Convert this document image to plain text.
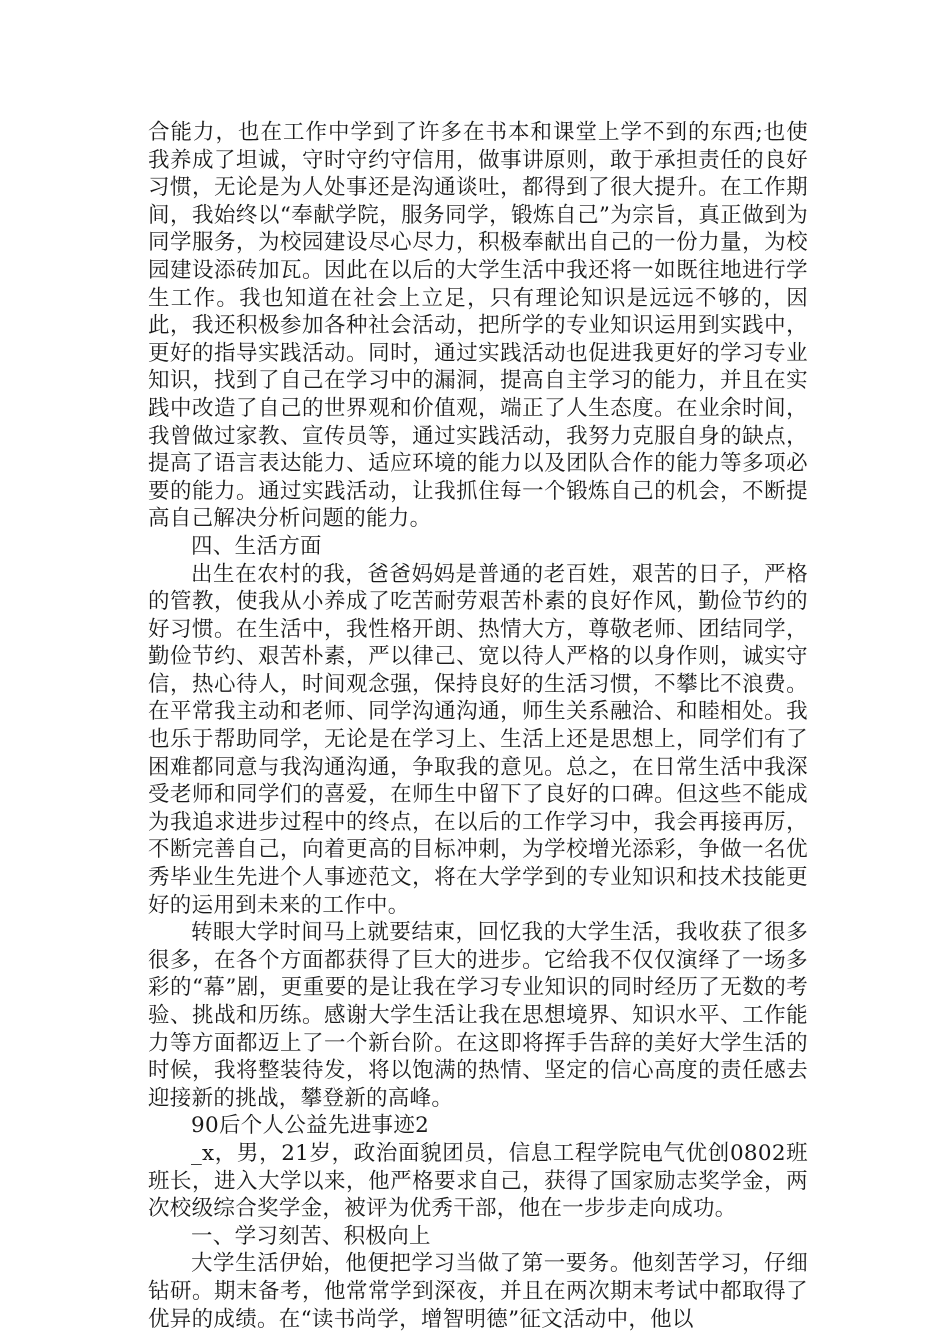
合能力，也在工作中学到了许多在书本和课堂上学不到的东西;也使我养成了坦诚，守时守约守信用，做事讲原则，敢于承担责任的良好习惯，无论是为人处事还是沟通谈吐，都得到了很大提升。在工作期间，我始终以“奉献学院，服务同学，锻炼自己”为宗旨，真正做到为同学服务，为校园建设尽心尽力，积极奉献出自己的一份力量，为校园建设添砖加瓦。因此在以后的大学生活中我还将一如既往地进行学生工作。我也知道在社会上立足，只有理论知识是远远不够的，因此，我还积极参加各种社会活动，把所学的专业知识运用到实践中，更好的指导实践活动。同时，通过实践活动也促进我更好的学习专业知识，找到了自己在学习中的漏洞，提高自主学习的能力，并且在实践中改造了自己的世界观和价值观，端正了人生态度。在业余时间，我曾做过家教、宣传员等，通过实践活动，我努力克服自身的缺点，提高了语言表达能力、适应环境的能力以及团队合作的能力等多项必要的能力。通过实践活动，让我抓住每一个锻炼自己的机会，不断提高自己解决分析问题的能力。

四、生活方面

出生在农村的我，爸爸妈妈是普通的老百姓，艰苦的日子，严格的管教，使我从小养成了吃苦耐劳艰苦朴素的良好作风，勤俭节约的好习惯。在生活中，我性格开朗、热情大方，尊敬老师、团结同学，勤俭节约、艰苦朴素，严以律己、宽以待人严格的以身作则，诚实守信，热心待人，时间观念强，保持良好的生活习惯，不攀比不浪费。在平常我主动和老师、同学沟通沟通，师生关系融洽、和睦相处。我也乐于帮助同学，无论是在学习上、生活上还是思想上，同学们有了困难都同意与我沟通沟通，争取我的意见。总之，在日常生活中我深受老师和同学们的喜爱，在师生中留下了良好的口碑。但这些不能成为我追求进步过程中的终点，在以后的工作学习中，我会再接再厉，不断完善自己，向着更高的目标冲刺，为学校增光添彩，争做一名优秀毕业生先进个人事迹范文，将在大学学到的专业知识和技术技能更好的运用到未来的工作中。

转眼大学时间马上就要结束，回忆我的大学生活，我收获了很多很多，在各个方面都获得了巨大的进步。它给我不仅仅演绎了一场多彩的“幕”剧，更重要的是让我在学习专业知识的同时经历了无数的考验、挑战和历练。感谢大学生活让我在思想境界、知识水平、工作能力等方面都迈上了一个新台阶。在这即将挥手告辞的美好大学生活的时候，我将整装待发，将以饱满的热情、坚定的信心高度的责任感去迎接新的挑战，攀登新的高峰。

90后个人公益先进事迹2

_x，男，21岁，政治面貌团员，信息工程学院电气优创0802班班长，进入大学以来，他严格要求自己，获得了国家励志奖学金，两次校级综合奖学金，被评为优秀干部，他在一步步走向成功。

一、学习刻苦、积极向上

大学生活伊始，他便把学习当做了第一要务。他刻苦学习，仔细钻研。期末备考，他常常学到深夜，并且在两次期末考试中都取得了优异的成绩。在“读书尚学，增智明德”征文活动中，他以
